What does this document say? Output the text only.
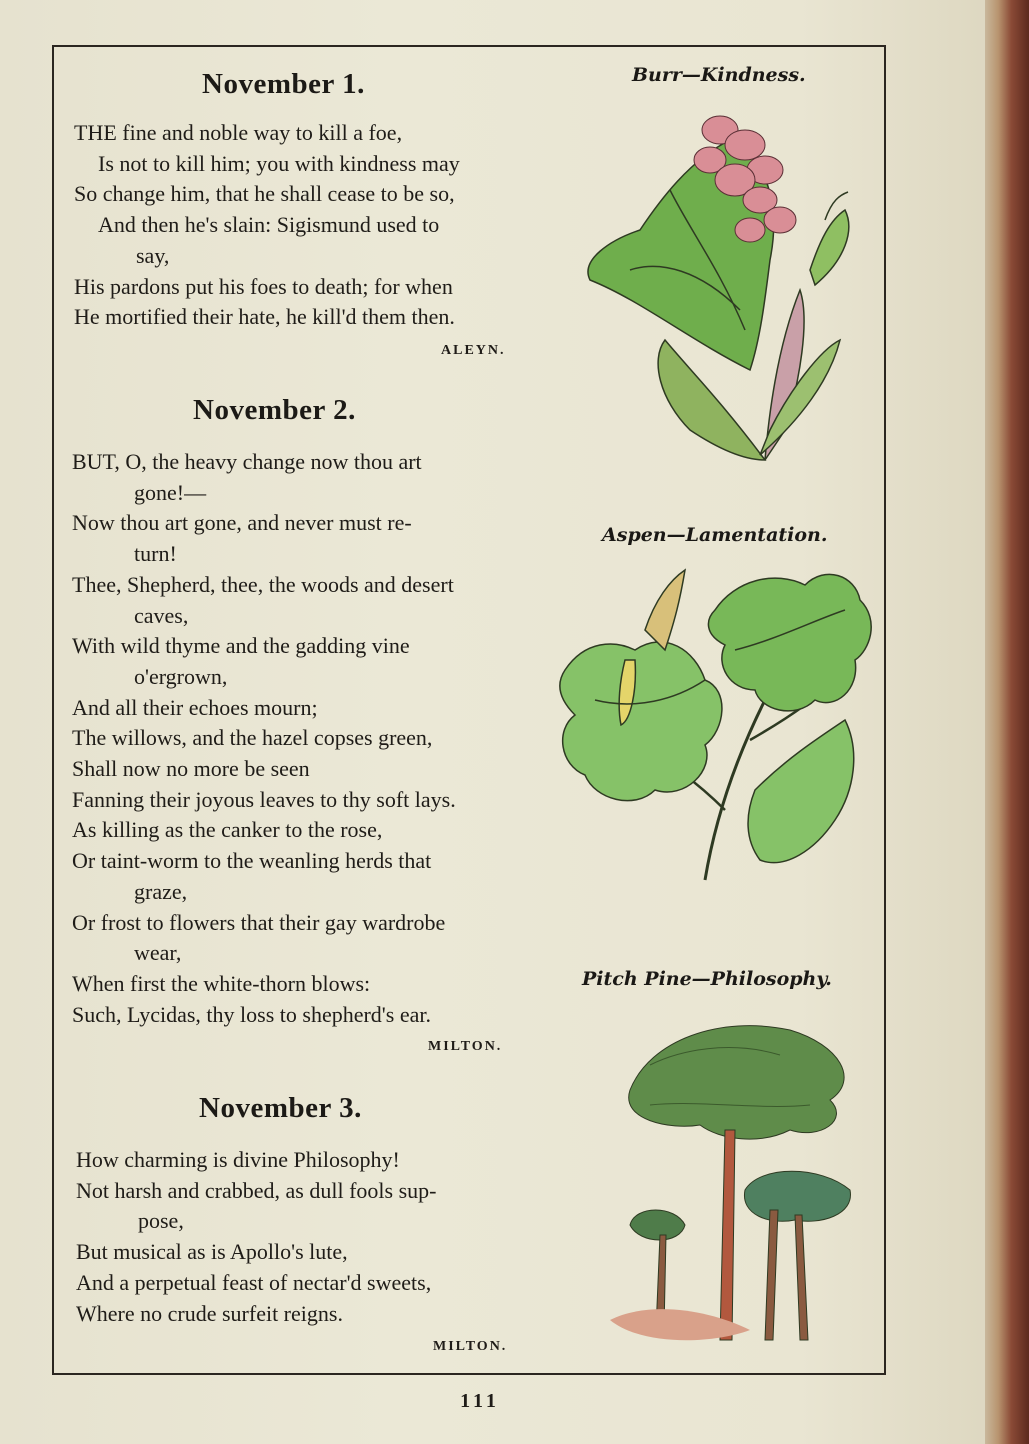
November 1.
THE fine and noble way to kill a foe,
Is not to kill him; you with kindness may
So change him, that he shall cease to be so,
And then he's slain: Sigismund used to
say,
His pardons put his foes to death; for when
He mortified their hate, he kill'd them then.

ALEYN.

November 2.
BUT, O, the heavy change now thou art
gone!—
Now thou art gone, and never must re-
turn!
Thee, Shepherd, thee, the woods and desert
caves,
With wild thyme and the gadding vine
o'ergrown,
And all their echoes mourn;
The willows, and the hazel copses green,
Shall now no more be seen
Fanning their joyous leaves to thy soft lays.
As killing as the canker to the rose,
Or taint-worm to the weanling herds that
graze,
Or frost to flowers that their gay wardrobe
wear,
When first the white-thorn blows:
Such, Lycidas, thy loss to shepherd's ear.

MILTON.

November 3.
How charming is divine Philosophy!
Not harsh and crabbed, as dull fools sup-
pose,
But musical as is Apollo's lute,
And a perpetual feast of nectar'd sweets,
Where no crude surfeit reigns.

MILTON.

Burr—Kindness.

Aspen—Lamentation.

Pitch Pine—Philosophy.

111
